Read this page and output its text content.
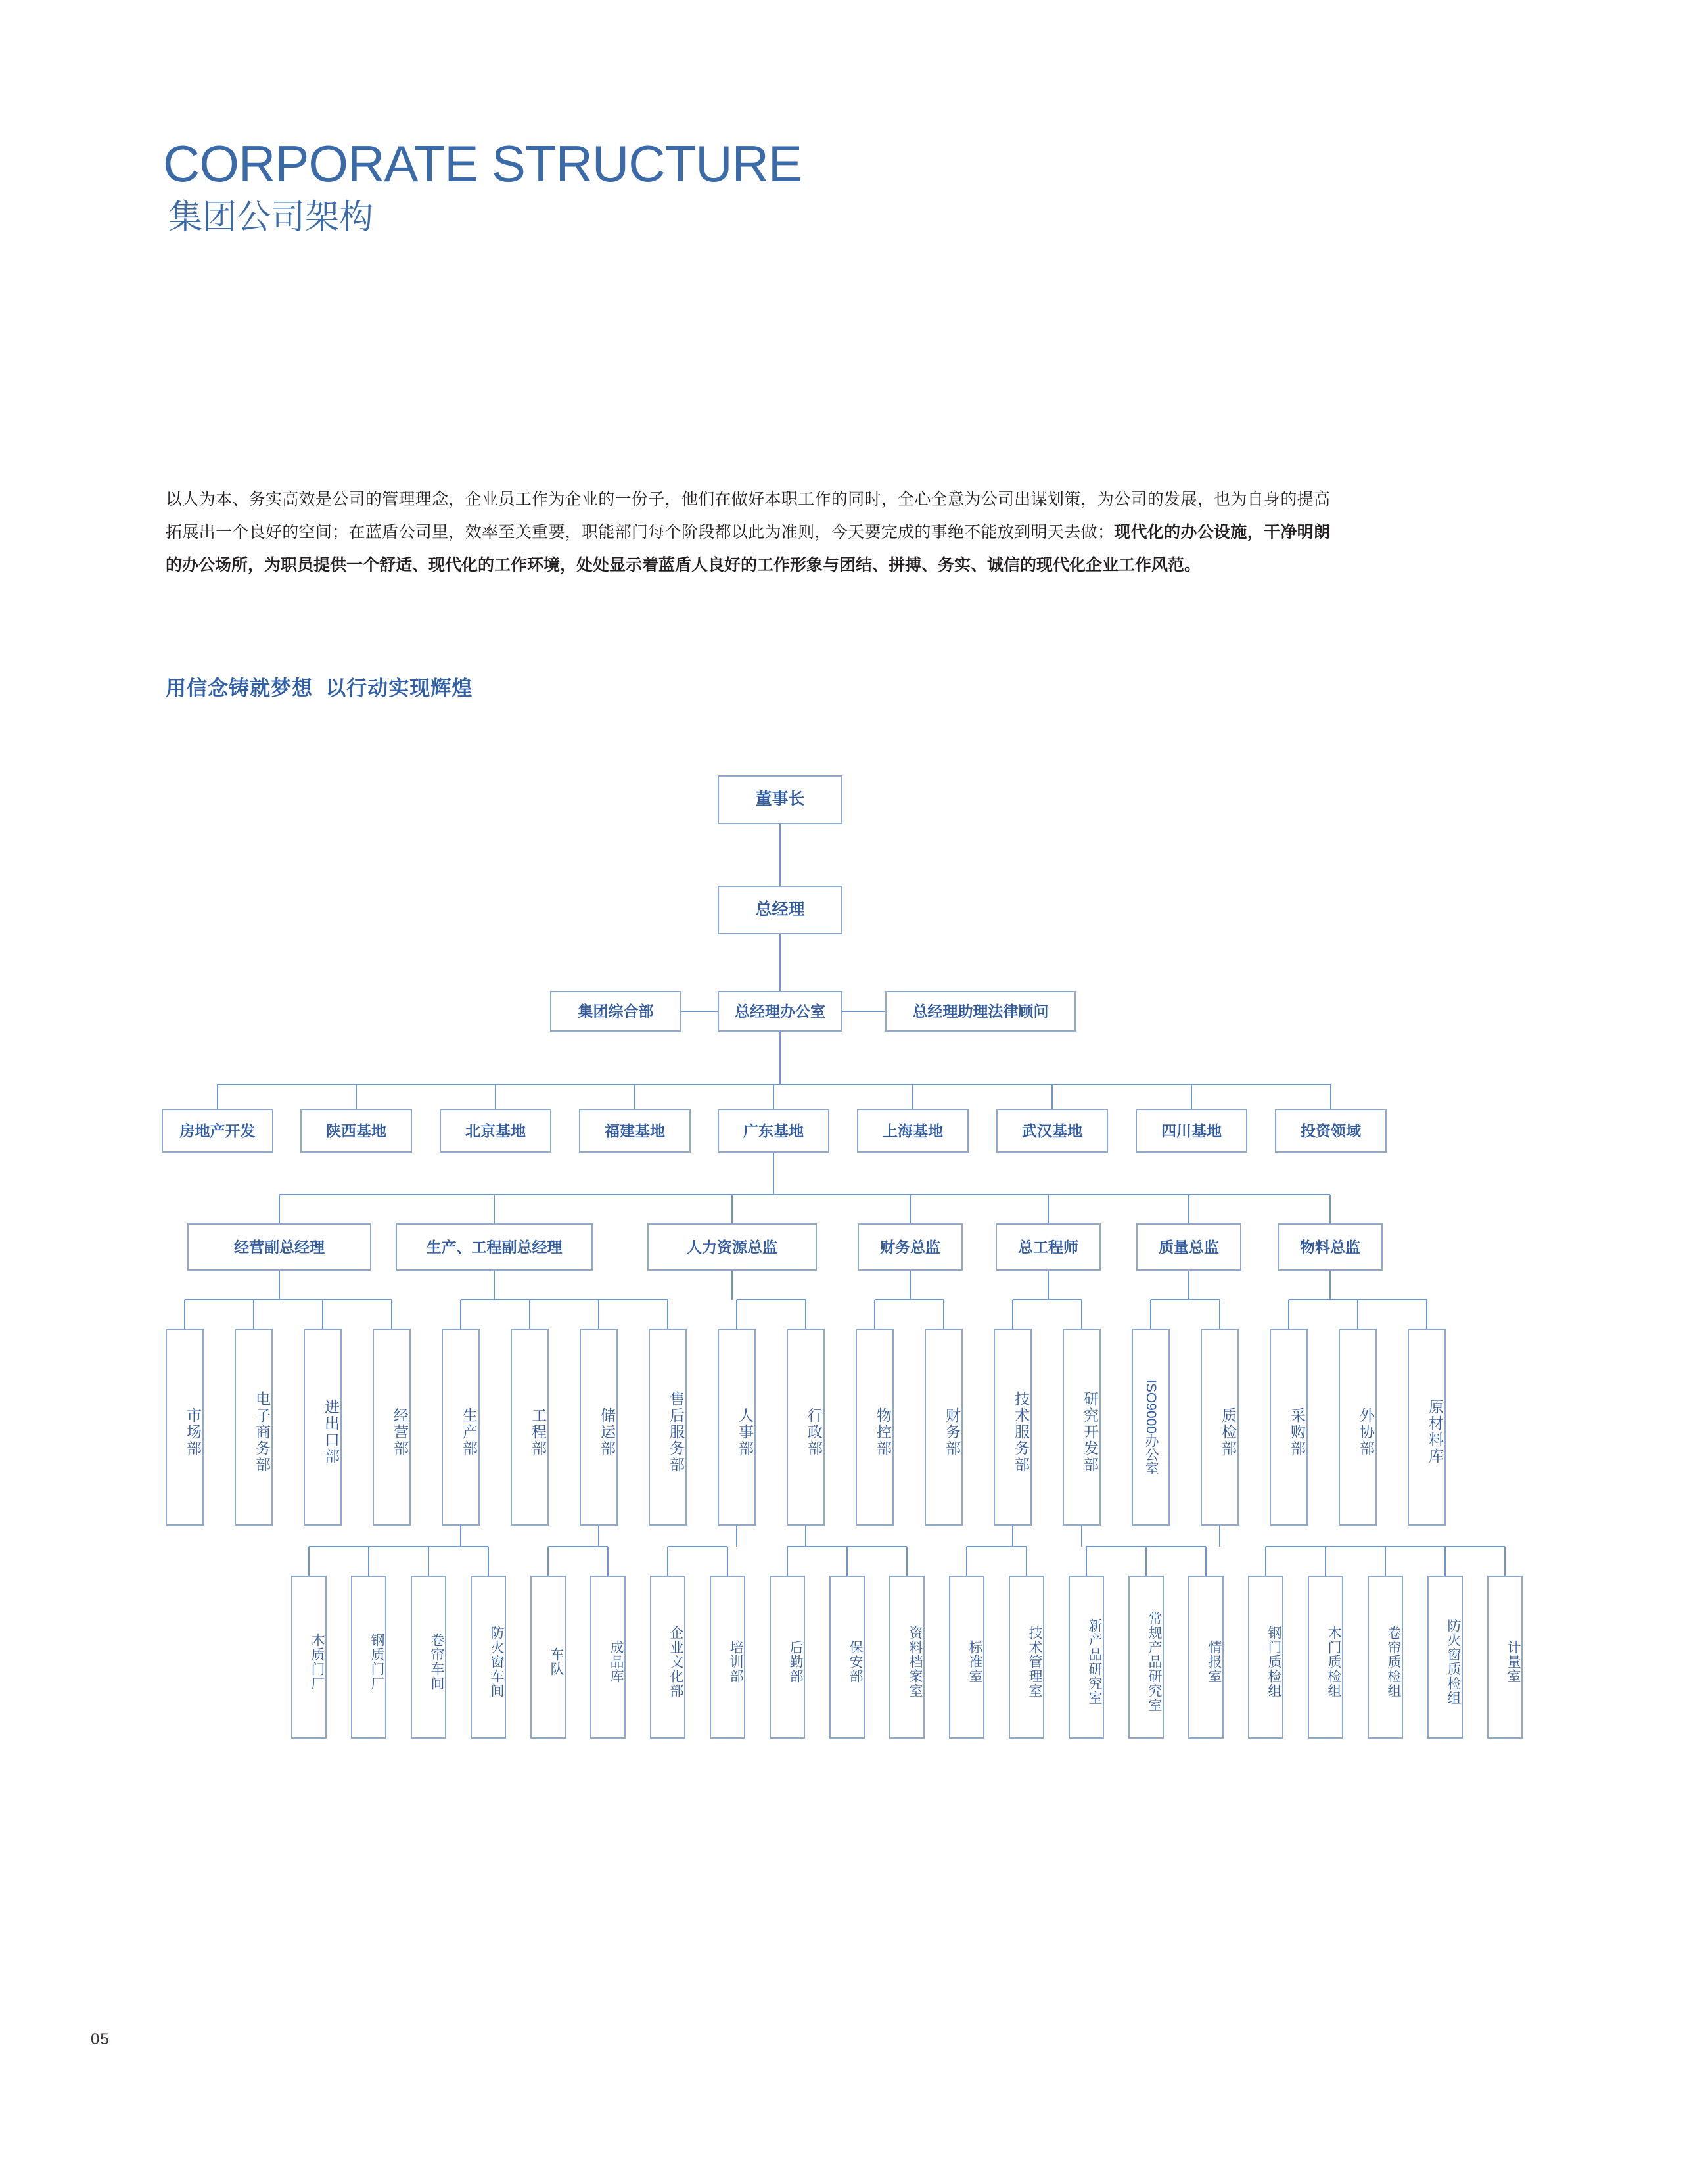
CORPORATE STRUCTURE
集团公司架构

以人为本、务实高效是公司的管理理念，企业员工作为企业的一份子，他们在做好本职工作的同时，全心全意为公司出谋划策，为公司的发展，也为自身的提高拓展出一个良好的空间；在蓝盾公司里，效率至关重要，职能部门每个阶段都以此为准则，今天要完成的事绝不能放到明天去做；现代化的办公设施，干净明朗的办公场所，为职员提供一个舒适、现代化的工作环境，处处显示着蓝盾人良好的工作形象与团结、拼搏、务实、诚信的现代化企业工作风范。

用信念铸就梦想  以行动实现辉煌
董事长
总经理
集团综合部	总经理办公室	总经理助理法律顾问
房地产开发	陕西基地	北京基地	福建基地	广东基地	上海基地	武汉基地	四川基地	投资领域
经营副总经理	生产、工程副总经理	人力资源总监	财务总监	总工程师	质量总监	物料总监
市场部	电子商务部	进出口部	经营部	生产部	工程部	储运部	售后服务部	人事部	行政部	物控部	财务部	技术服务部	研究开发部	ISO9000办公室	质检部	采购部	外协部	原材料库
木质门厂	钢质门厂	卷帘车间	防火窗车间	车队	成品库	企业文化部	培训部	后勤部	保安部	资料档案室	标准室	技术管理室	新产品研究室	常规产品研究室	情报室	钢门质检组	木门质检组	卷帘质检组	防火窗质检组	计量室
05
